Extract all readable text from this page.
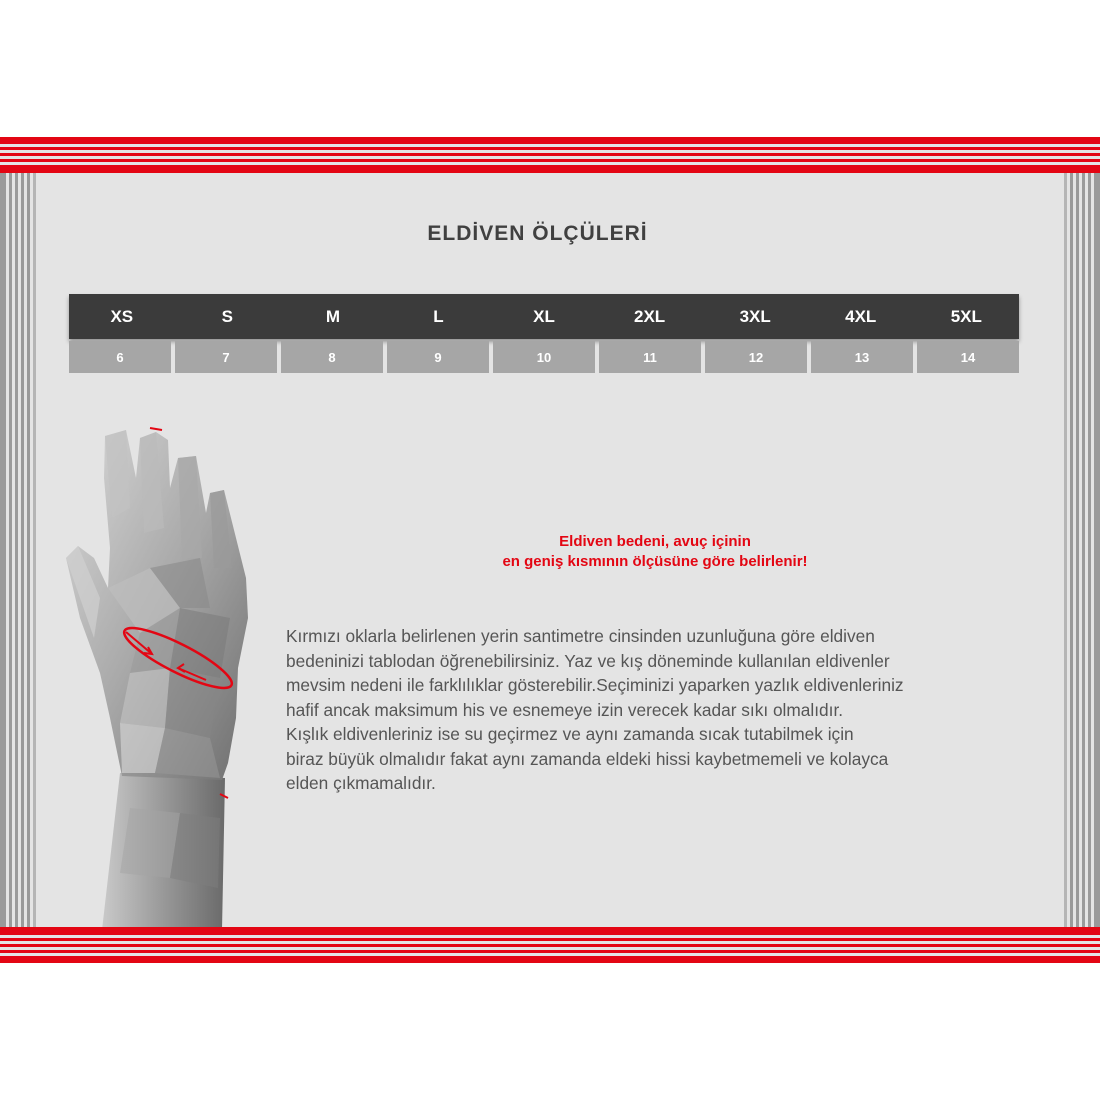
ELDİVEN ÖLÇÜLERİ
XS	S	M	L	XL	2XL	3XL	4XL	5XL
6	7	8	9	10	11	12	13	14
Eldiven bedeni, avuç içinin
en geniş kısmının ölçüsüne göre belirlenir!
Kırmızı oklarla belirlenen yerin santimetre cinsinden uzunluğuna göre eldiven
bedeninizi tablodan öğrenebilirsiniz. Yaz ve kış döneminde kullanılan eldivenler
mevsim nedeni ile farklılıklar gösterebilir.Seçiminizi yaparken yazlık eldivenleriniz
hafif ancak maksimum his ve esnemeye izin verecek kadar sıkı olmalıdır.
Kışlık eldivenleriniz ise su geçirmez ve aynı zamanda sıcak tutabilmek için
biraz büyük olmalıdır fakat aynı zamanda eldeki hissi kaybetmemeli ve kolayca
elden çıkmamalıdır.
